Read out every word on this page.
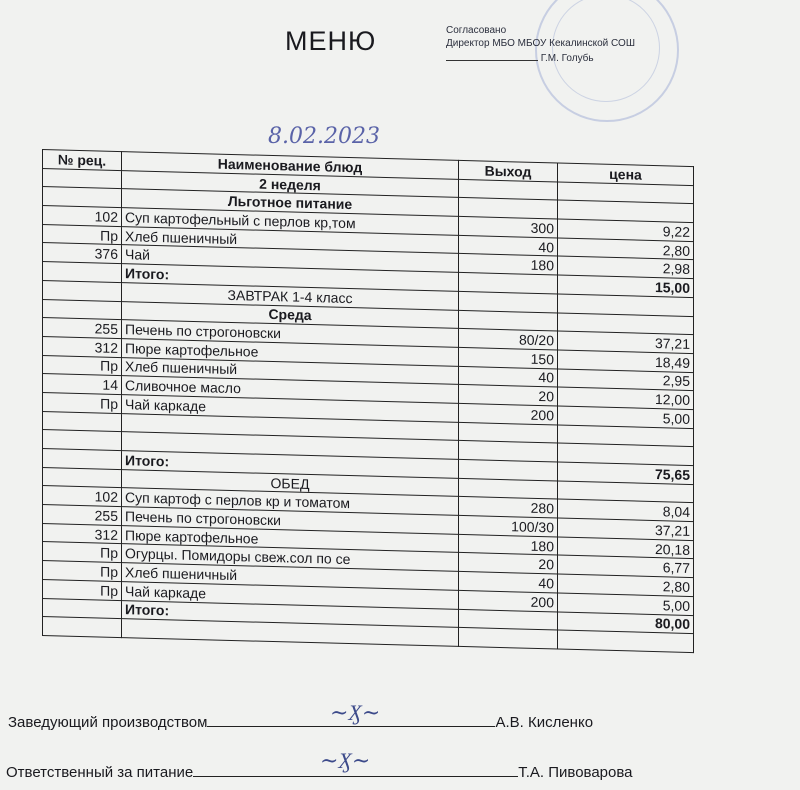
МЕНЮ	Согласовано
Директор МБО МБОУ Кекалинской СОШ
Г.М. Голубь
8.02.2023
№ рец.	Наименование блюд	Выход	цена
	2 неделя		
	Льготное питание		
102	Суп картофельный с перлов кр,том	300	9,22
Пр	Хлеб пшеничный	40	2,80
376	Чай	180	2,98
	Итого:		15,00
	ЗАВТРАК 1-4 класс		
	Среда		
255	Печень по строгоновски	80/20	37,21
312	Пюре картофельное	150	18,49
Пр	Хлеб пшеничный	40	2,95
14	Сливочное масло	20	12,00
Пр	Чай каркаде	200	5,00

	Итого:		75,65
	ОБЕД		
102	Суп картоф с перлов кр и томатом	280	8,04
255	Печень по строгоновски	100/30	37,21
312	Пюре картофельное	180	20,18
Пр	Огурцы. Помидоры свеж.сол по се	20	6,77
Пр	Хлеб пшеничный	40	2,80
Пр	Чай каркаде	200	5,00
	Итого:		80,00

Заведующий производством	А.В. Кисленко
~Ӽ~
Ответственный за питание	Т.А. Пивоварова
~Ӽ~
